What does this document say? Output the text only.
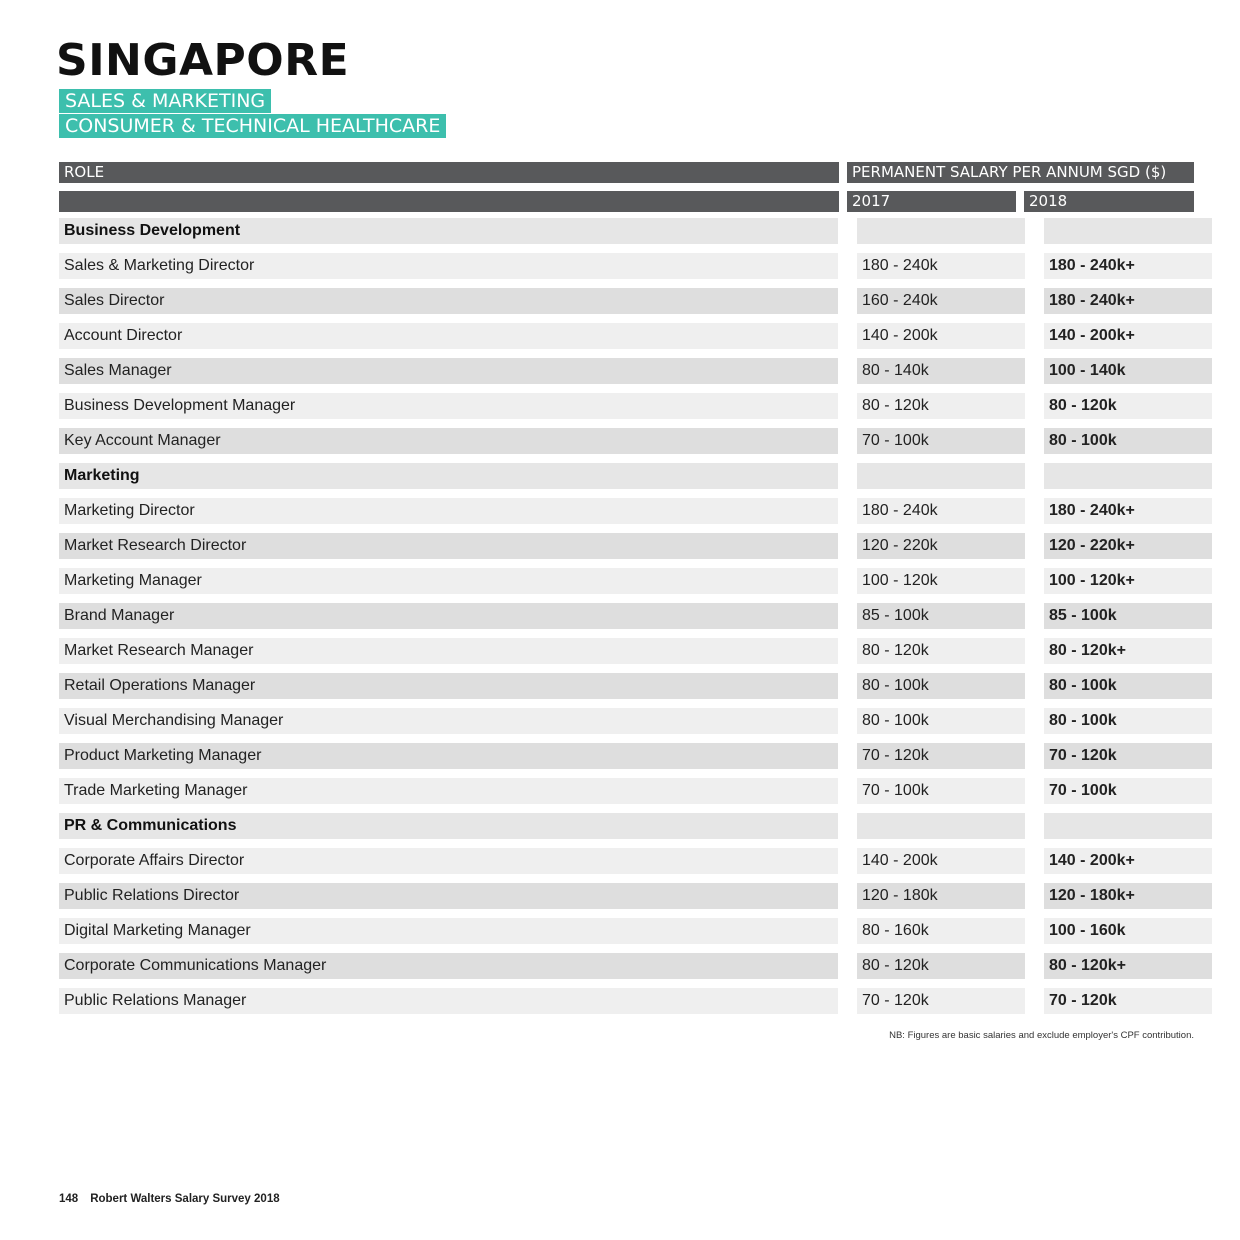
SINGAPORE
SALES & MARKETING
CONSUMER & TECHNICAL HEALTHCARE
ROLE	PERMANENT SALARY PER ANNUM SGD ($)
2017	2018
Business Development				
Sales & Marketing Director		180 - 240k		180 - 240k+
Sales Director		160 - 240k		180 - 240k+
Account Director		140 - 200k		140 - 200k+
Sales Manager		80 - 140k		100 - 140k
Business Development Manager		80 - 120k		80 - 120k
Key Account Manager		70 - 100k		80 - 100k
Marketing				
Marketing Director		180 - 240k		180 - 240k+
Market Research Director		120 - 220k		120 - 220k+
Marketing Manager		100 - 120k		100 - 120k+
Brand Manager		85 - 100k		85 - 100k
Market Research Manager		80 - 120k		80 - 120k+
Retail Operations Manager		80 - 100k		80 - 100k
Visual Merchandising Manager		80 - 100k		80 - 100k
Product Marketing Manager		70 - 120k		70 - 120k
Trade Marketing Manager		70 - 100k		70 - 100k
PR & Communications				
Corporate Affairs Director		140 - 200k		140 - 200k+
Public Relations Director		120 - 180k		120 - 180k+
Digital Marketing Manager		80 - 160k		100 - 160k
Corporate Communications Manager		80 - 120k		80 - 120k+
Public Relations Manager		70 - 120k		70 - 120k
NB: Figures are basic salaries and exclude employer's CPF contribution.
148 Robert Walters Salary Survey 2018
